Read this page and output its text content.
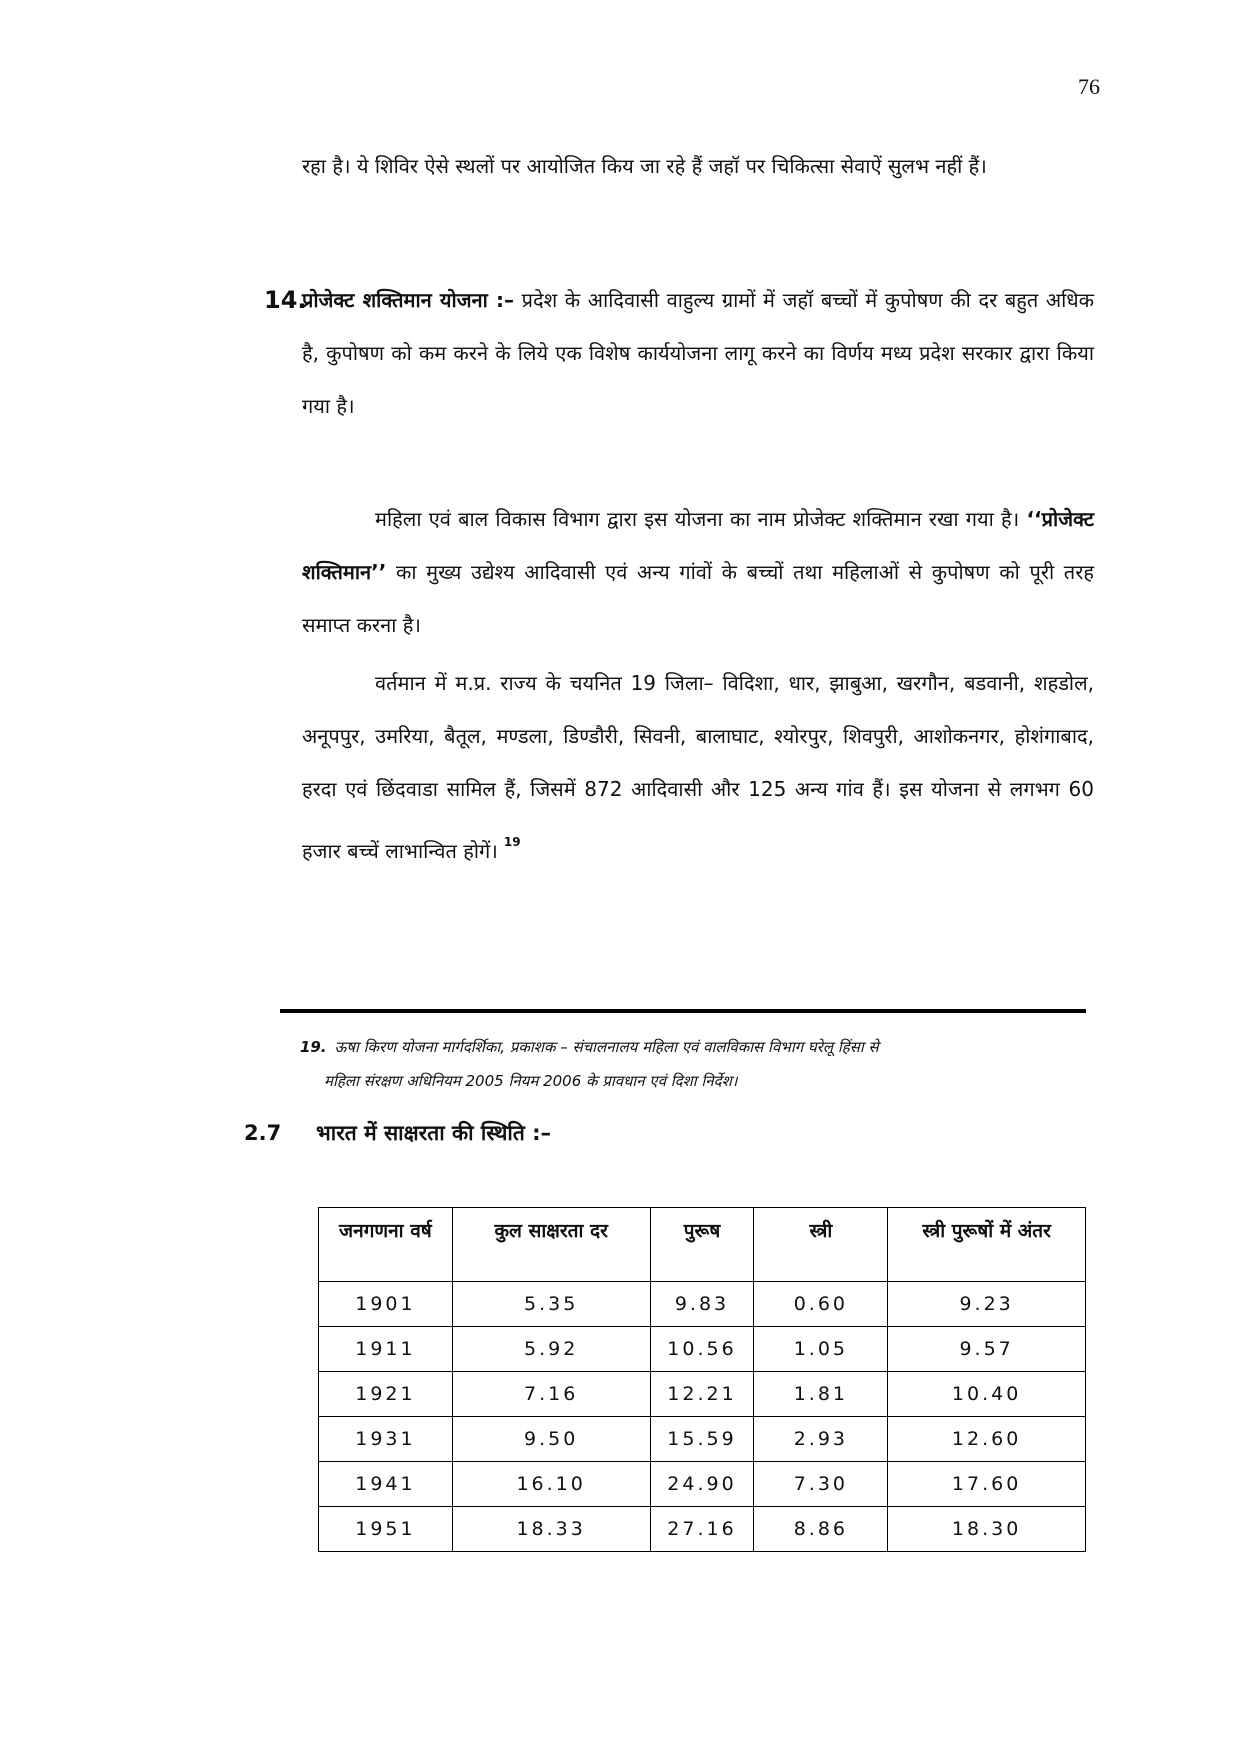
76

रहा है। ये शिविर ऐसे स्थलों पर आयोजित किय जा रहे हैं जहॉ पर चिकित्सा सेवाऐं सुलभ नहीं हैं।

14.

प्रोजेक्ट शक्तिमान योजना :– प्रदेश के आदिवासी वाहुल्य ग्रामों में जहॉ बच्चों में कुपोषण की दर बहुत अधिक है, कुपोषण को कम करने के लिये एक विशेष कार्ययोजना लागू करने का विर्णय मध्य प्रदेश सरकार द्वारा किया गया है।

महिला एवं बाल विकास विभाग द्वारा इस योजना का नाम प्रोजेक्ट शक्तिमान रखा गया है। ‘‘प्रोजेक्ट शक्तिमान’’ का मुख्य उद्येश्य आदिवासी एवं अन्य गांवों के बच्चों तथा महिलाओं से कुपोषण को पूरी तरह समाप्त करना है।

वर्तमान में म.प्र. राज्य के चयनित 19 जिला– विदिशा, धार, झाबुआ, खरगौन, बडवानी, शहडोल, अनूपपुर, उमरिया, बैतूल, मण्डला, डिण्डौरी, सिवनी, बालाघाट, श्योरपुर, शिवपुरी, आशोकनगर, होशंगाबाद, हरदा एवं छिंदवाडा सामिल हैं, जिसमें 872 आदिवासी और 125 अन्य गांव हैं। इस योजना से लगभग 60 हजार बच्चें लाभान्वित होगें। $^{19}$

19. ऊषा किरण योजना मार्गदर्शिका, प्रकाशक – संचालनालय महिला एवं वालविकास विभाग घरेलू हिंसा से
महिला संरक्षण अधिनियम 2005 नियम 2006 के प्रावधान एवं दिशा निर्देश।

2.7 भारत में साक्षरता की स्थिति :–
जनगणना वर्ष	कुल साक्षरता दर	पुरूष	स्त्री	स्त्री पुरूषों में अंतर
1901	5.35	9.83	0.60	9.23
1911	5.92	10.56	1.05	9.57
1921	7.16	12.21	1.81	10.40
1931	9.50	15.59	2.93	12.60
1941	16.10	24.90	7.30	17.60
1951	18.33	27.16	8.86	18.30
